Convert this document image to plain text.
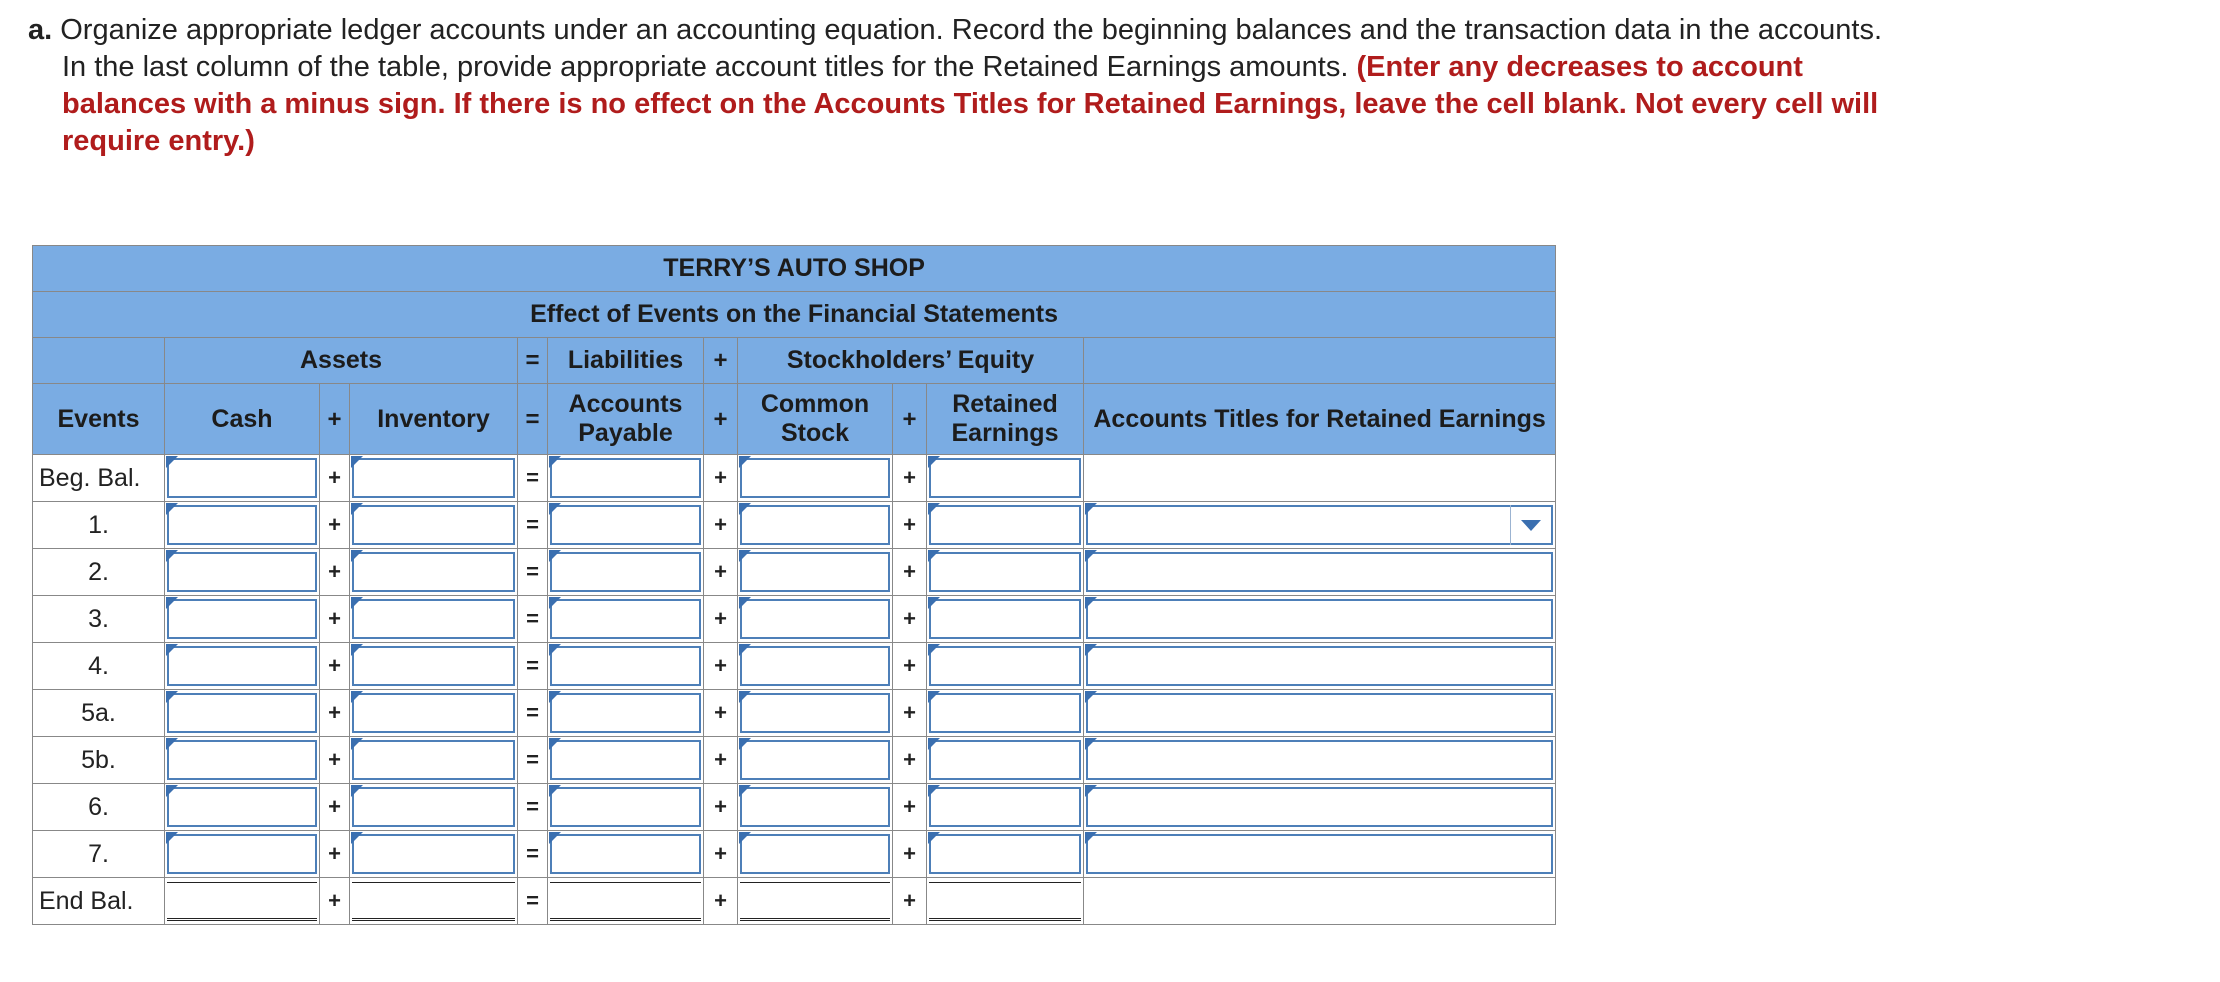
a. Organize appropriate ledger accounts under an accounting equation. Record the beginning balances and the transaction data in the accounts. In the last column of the table, provide appropriate account titles for the Retained Earnings amounts. (Enter any decreases to account balances with a minus sign. If there is no effect on the Accounts Titles for Retained Earnings, leave the cell blank. Not every cell will require entry.)

TERRY’S AUTO SHOP										
Effect of Events on the Financial Statements										
	Assets			=	Liabilities	+	Stockholders’ Equity			
Events	Cash	+	Inventory	=	Accounts Payable	+	Common Stock	+	Retained Earnings	Accounts Titles for Retained Earnings
Beg. Bal.		+		=		+		+	

1.		+		=		+		+	

2.		+		=		+		+	

3.		+		=		+		+	

4.		+		=		+		+	

5a.		+		=		+		+	

5b.		+		=		+		+	

6.		+		=		+		+	

7.		+		=		+		+	

End Bal.		+		=		+		+	
